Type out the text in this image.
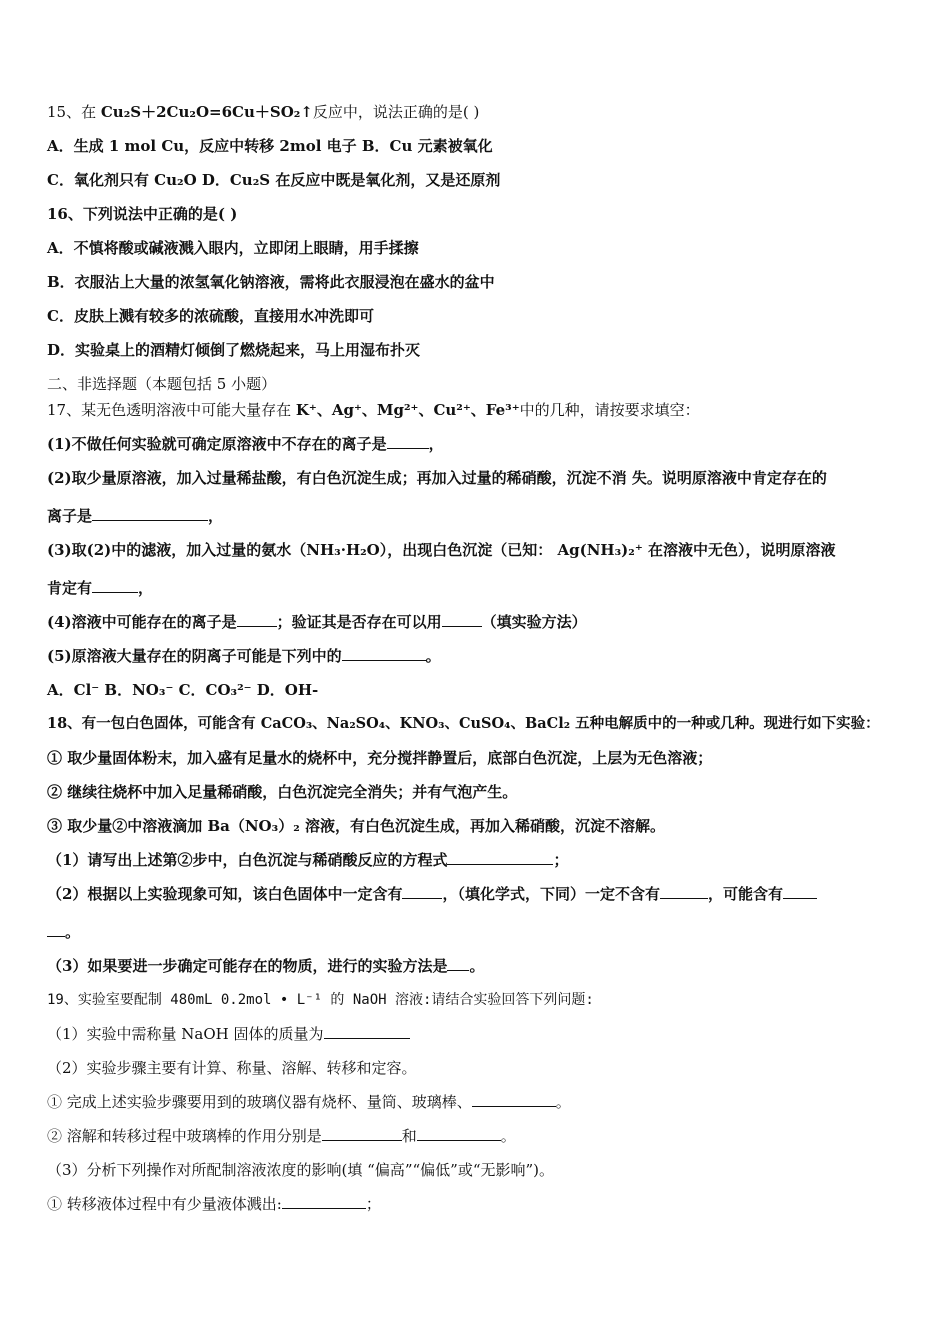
15、在 Cu₂S＋2Cu₂O=6Cu＋SO₂↑反应中，说法正确的是( )
A．生成 1 mol Cu，反应中转移 2mol 电子 B．Cu 元素被氧化
C．氧化剂只有 Cu₂O D．Cu₂S 在反应中既是氧化剂，又是还原剂
16、下列说法中正确的是( )
A．不慎将酸或碱液溅入眼内，立即闭上眼睛，用手揉擦
B．衣服沾上大量的浓氢氧化钠溶液，需将此衣服浸泡在盛水的盆中
C．皮肤上溅有较多的浓硫酸，直接用水冲洗即可
D．实验桌上的酒精灯倾倒了燃烧起来，马上用湿布扑灭
二、非选择题（本题包括 5 小题）
17、某无色透明溶液中可能大量存在 K⁺、Ag⁺、Mg²⁺、Cu²⁺、Fe³⁺中的几种，请按要求填空：
(1)不做任何实验就可确定原溶液中不存在的离子是	，
(2)取少量原溶液，加入过量稀盐酸，有白色沉淀生成；再加入过量的稀硝酸，沉淀不消 失。说明原溶液中肯定存在的
离子是	，
(3)取(2)中的滤液，加入过量的氨水（NH₃·H₂O），出现白色沉淀（已知： Ag(NH₃)₂⁺ 在溶液中无色），说明原溶液
肯定有	，
(4)溶液中可能存在的离子是	；验证其是否存在可以用	（填实验方法）
(5)原溶液大量存在的阴离子可能是下列中的	。
A．Cl⁻ B．NO₃⁻ C．CO₃²⁻ D．OH-
18、有一包白色固体，可能含有 CaCO₃、Na₂SO₄、KNO₃、CuSO₄、BaCl₂ 五种电解质中的一种或几种。现进行如下实验：
① 取少量固体粉末，加入盛有足量水的烧杯中，充分搅拌静置后，底部白色沉淀，上层为无色溶液；
② 继续往烧杯中加入足量稀硝酸，白色沉淀完全消失；并有气泡产生。
③ 取少量②中溶液滴加 Ba（NO₃）₂ 溶液，有白色沉淀生成，再加入稀硝酸，沉淀不溶解。
（1）请写出上述第②步中，白色沉淀与稀硝酸反应的方程式	；
（2）根据以上实验现象可知，该白色固体中一定含有	，（填化学式，下同）一定不含有	，可能含有
。
（3）如果要进一步确定可能存在的物质，进行的实验方法是 。
19、实验室要配制 480mL 0.2mol • L⁻¹ 的 NaOH 溶液:请结合实验回答下列问题:
（1）实验中需称量 NaOH 固体的质量为
（2）实验步骤主要有计算、称量、溶解、转移和定容。
① 完成上述实验步骤要用到的玻璃仪器有烧杯、量筒、玻璃棒、	。
② 溶解和转移过程中玻璃棒的作用分别是	和	。
（3）分析下列操作对所配制溶液浓度的影响(填 “偏高”“偏低”或“无影响”)。
① 转移液体过程中有少量液体溅出:	；
